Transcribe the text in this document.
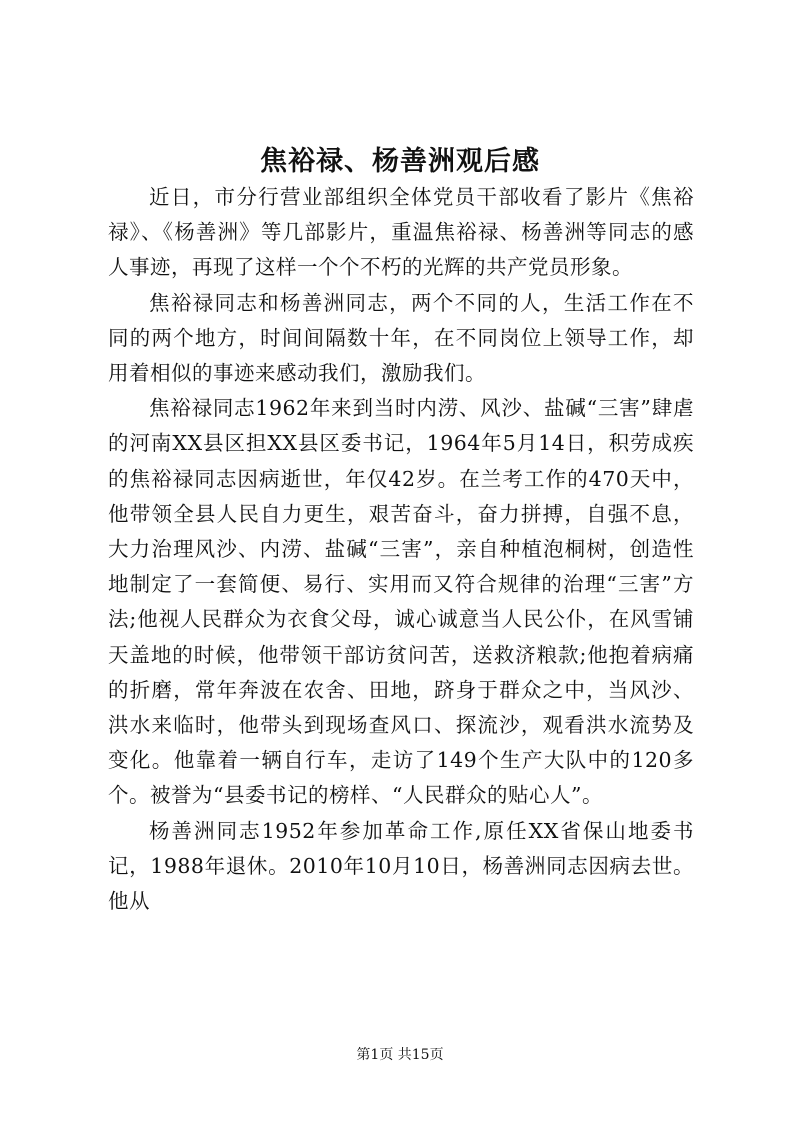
焦裕禄、杨善洲观后感

近日，市分行营业部组织全体党员干部收看了影片《焦裕禄》、《杨善洲》等几部影片，重温焦裕禄、杨善洲等同志的感人事迹，再现了这样一个个不朽的光辉的共产党员形象。

焦裕禄同志和杨善洲同志，两个不同的人，生活工作在不同的两个地方，时间间隔数十年，在不同岗位上领导工作，却用着相似的事迹来感动我们，激励我们。

焦裕禄同志1962年来到当时内涝、风沙、盐碱“三害”肆虐的河南XX县区担XX县区委书记，1964年5月14日，积劳成疾的焦裕禄同志因病逝世，年仅42岁。在兰考工作的470天中，他带领全县人民自力更生，艰苦奋斗，奋力拼搏，自强不息，大力治理风沙、内涝、盐碱“三害”，亲自种植泡桐树，创造性地制定了一套简便、易行、实用而又符合规律的治理“三害”方法;他视人民群众为衣食父母，诚心诚意当人民公仆，在风雪铺天盖地的时候，他带领干部访贫问苦，送救济粮款;他抱着病痛的折磨，常年奔波在农舍、田地，跻身于群众之中，当风沙、洪水来临时，他带头到现场查风口、探流沙，观看洪水流势及变化。他靠着一辆自行车，走访了149个生产大队中的120多个。被誉为“县委书记的榜样、“人民群众的贴心人”。

杨善洲同志1952年参加革命工作,原任XX省保山地委书记，1988年退休。2010年10月10日，杨善洲同志因病去世。他从

第1页 共15页
